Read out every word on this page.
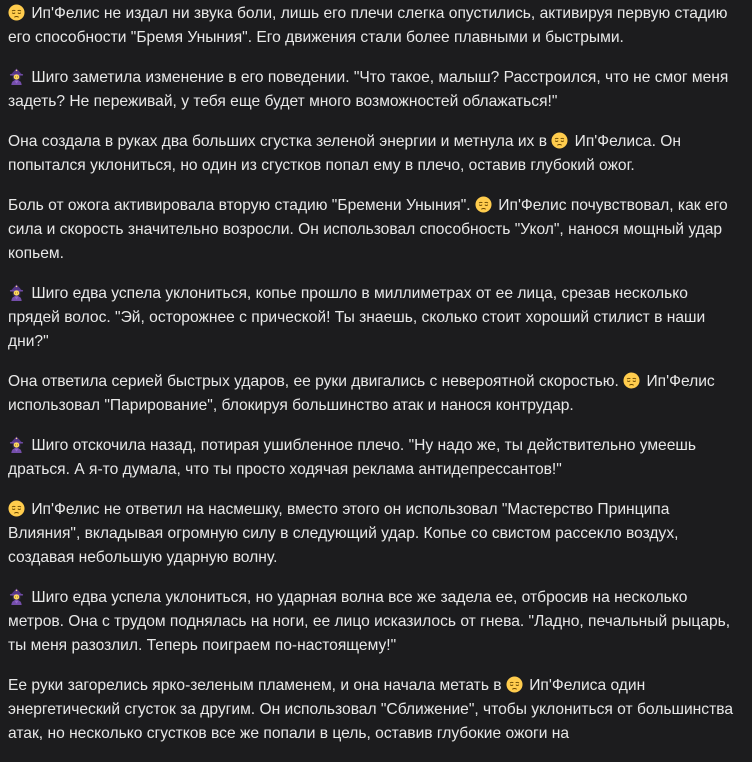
Ип'Фелис не издал ни звука боли, лишь его плечи слегка опустились, активируя первую стадию его способности "Бремя Уныния". Его движения стали более плавными и быстрыми.

Шиго заметила изменение в его поведении. "Что такое, малыш? Расстроился, что не смог меня задеть? Не переживай, у тебя еще будет много возможностей облажаться!"

Она создала в руках два больших сгустка зеленой энергии и метнула их в
Ип'Фелиса. Он попытался уклониться, но один из сгустков попал ему в плечо, оставив глубокий ожог.

Боль от ожога активировала вторую стадию "Бремени Уныния".
Ип'Фелис почувствовал, как его сила и скорость значительно возросли. Он использовал способность "Укол", нанося мощный удар копьем.

Шиго едва успела уклониться, копье прошло в миллиметрах от ее лица, срезав несколько прядей волос. "Эй, осторожнее с прической! Ты знаешь, сколько стоит хороший стилист в наши дни?"

Она ответила серией быстрых ударов, ее руки двигались с невероятной скоростью.
Ип'Фелис использовал "Парирование", блокируя большинство атак и нанося контрудар.

Шиго отскочила назад, потирая ушибленное плечо. "Ну надо же, ты действительно умеешь драться. А я-то думала, что ты просто ходячая реклама антидепрессантов!"

Ип'Фелис не ответил на насмешку, вместо этого он использовал "Мастерство Принципа Влияния", вкладывая огромную силу в следующий удар. Копье со свистом рассекло воздух, создавая небольшую ударную волну.

Шиго едва успела уклониться, но ударная волна все же задела ее, отбросив на несколько метров. Она с трудом поднялась на ноги, ее лицо исказилось от гнева. "Ладно, печальный рыцарь, ты меня разозлил. Теперь поиграем по-настоящему!"

Ее руки загорелись ярко-зеленым пламенем, и она начала метать в
Ип'Фелиса один энергетический сгусток за другим. Он использовал "Сближение", чтобы уклониться от большинства атак, но несколько сгустков все же попали в цель, оставив глубокие ожоги на
